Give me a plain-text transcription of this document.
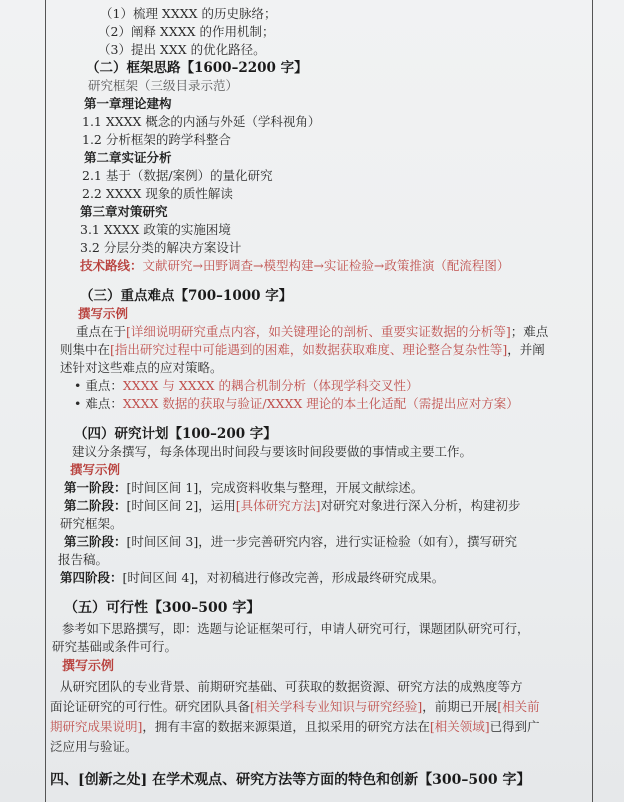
（1）梳理 XXXX 的历史脉络；
（2）阐释 XXXX 的作用机制；
（3）提出 XXX 的优化路径。
（二）框架思路【1600–2200 字】
研究框架（三级目录示范）
第一章理论建构
1.1 XXXX 概念的内涵与外延（学科视角）
1.2 分析框架的跨学科整合
第二章实证分析
2.1 基于（数据/案例）的量化研究
2.2 XXXX 现象的质性解读
第三章对策研究
3.1 XXXX 政策的实施困境
3.2 分层分类的解决方案设计
技术路线：文献研究→田野调查→模型构建→实证检验→政策推演（配流程图）
（三）重点难点【700–1000 字】
撰写示例
重点在于[详细说明研究重点内容，如关键理论的剖析、重要实证数据的分析等]；难点
则集中在[指出研究过程中可能遇到的困难，如数据获取难度、理论整合复杂性等]，并阐
述针对这些难点的应对策略。
• 重点：XXXX 与 XXXX 的耦合机制分析（体现学科交叉性）
• 难点：XXXX 数据的获取与验证/XXXX 理论的本土化适配（需提出应对方案）
（四）研究计划【100–200 字】
建议分条撰写，每条体现出时间段与要该时间段要做的事情或主要工作。
撰写示例
第一阶段：[时间区间 1]，完成资料收集与整理，开展文献综述。
第二阶段：[时间区间 2]，运用[具体研究方法]对研究对象进行深入分析，构建初步
研究框架。
第三阶段：[时间区间 3]，进一步完善研究内容，进行实证检验（如有），撰写研究
报告稿。
第四阶段：[时间区间 4]，对初稿进行修改完善，形成最终研究成果。
（五）可行性【300–500 字】
参考如下思路撰写，即：选题与论证框架可行，申请人研究可行，课题团队研究可行，
研究基础或条件可行。
撰写示例
从研究团队的专业背景、前期研究基础、可获取的数据资源、研究方法的成熟度等方
面论证研究的可行性。研究团队具备[相关学科专业知识与研究经验]，前期已开展[相关前
期研究成果说明]，拥有丰富的数据来源渠道，且拟采用的研究方法在[相关领域]已得到广
泛应用与验证。
四、[创新之处] 在学术观点、研究方法等方面的特色和创新【300–500 字】
